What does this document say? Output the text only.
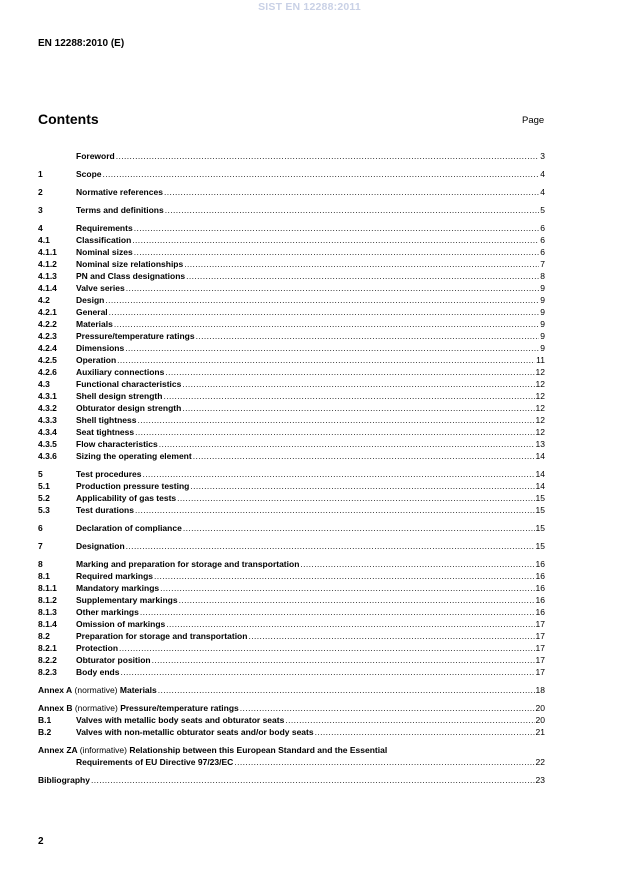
SIST EN 12288:2011
EN 12288:2010 (E)
Contents	Page
Foreword .....	3
1	Scope .....	4
2	Normative references .....	4
3	Terms and definitions .....	5
4	Requirements .....	6
4.1	Classification .....	6
4.1.1	Nominal sizes .....	6
4.1.2	Nominal size relationships .....	7
4.1.3	PN and Class designations .....	8
4.1.4	Valve series .....	9
4.2	Design .....	9
4.2.1	General .....	9
4.2.2	Materials .....	9
4.2.3	Pressure/temperature ratings .....	9
4.2.4	Dimensions .....	9
4.2.5	Operation .....	11
4.2.6	Auxiliary connections .....	12
4.3	Functional characteristics .....	12
4.3.1	Shell design strength .....	12
4.3.2	Obturator design strength .....	12
4.3.3	Shell tightness .....	12
4.3.4	Seat tightness .....	12
4.3.5	Flow characteristics .....	13
4.3.6	Sizing the operating element .....	14
5	Test procedures .....	14
5.1	Production pressure testing .....	14
5.2	Applicability of gas tests .....	15
5.3	Test durations .....	15
6	Declaration of compliance .....	15
7	Designation .....	15
8	Marking and preparation for storage and transportation .....	16
8.1	Required markings .....	16
8.1.1	Mandatory markings .....	16
8.1.2	Supplementary markings .....	16
8.1.3	Other markings .....	16
8.1.4	Omission of markings .....	17
8.2	Preparation for storage and transportation .....	17
8.2.1	Protection .....	17
8.2.2	Obturator position .....	17
8.2.3	Body ends .....	17
Annex A (normative) Materials .....	18
Annex B (normative) Pressure/temperature ratings .....	20
B.1	Valves with metallic body seats and obturator seats .....	20
B.2	Valves with non-metallic obturator seats and/or body seats .....	21
Annex ZA (informative) Relationship between this European Standard and the Essential
Requirements of EU Directive 97/23/EC .....	22
Bibliography .....	23
2
